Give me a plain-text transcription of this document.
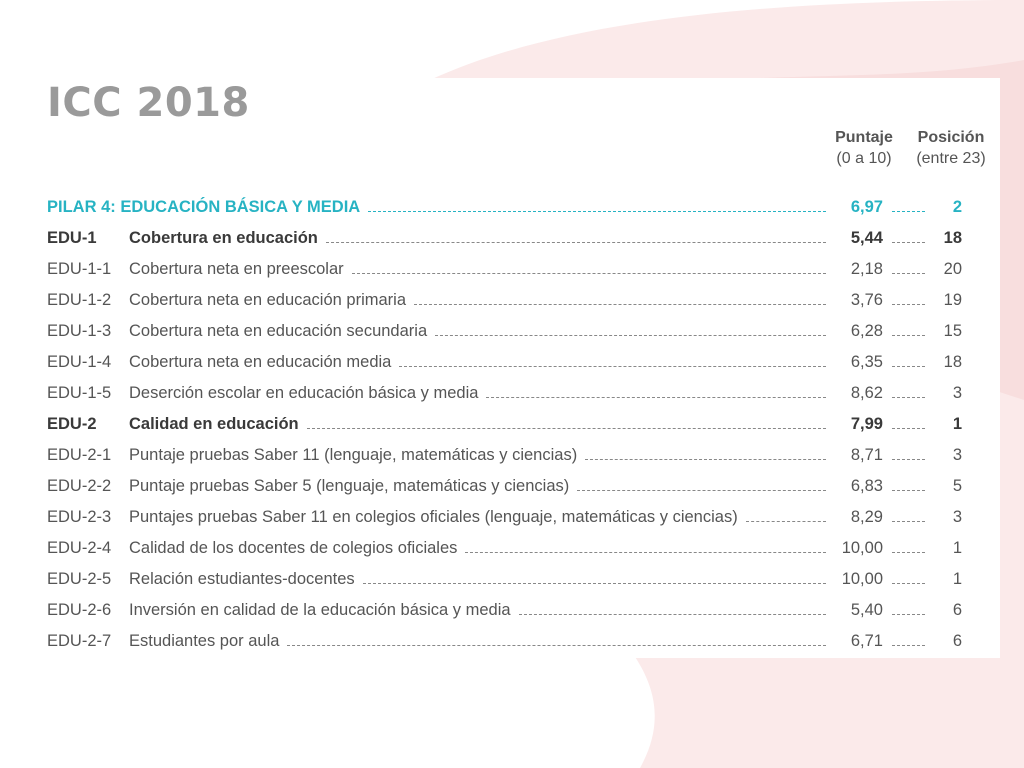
ICC 2018
Puntaje
(0 a 10)
Posición
(entre 23)
PILAR 4: EDUCACIÓN BÁSICA Y MEDIA	6,97	2
EDU-1 Cobertura en educación	5,44	18
EDU-1-1 Cobertura neta en preescolar	2,18	20
EDU-1-2 Cobertura neta en educación primaria	3,76	19
EDU-1-3 Cobertura neta en educación secundaria	6,28	15
EDU-1-4 Cobertura neta en educación media	6,35	18
EDU-1-5 Deserción escolar en educación básica y media	8,62	3
EDU-2 Calidad en educación	7,99	1
EDU-2-1 Puntaje pruebas Saber 11 (lenguaje, matemáticas y ciencias)	8,71	3
EDU-2-2 Puntaje pruebas Saber 5 (lenguaje, matemáticas y ciencias)	6,83	5
EDU-2-3 Puntajes pruebas Saber 11 en colegios oficiales (lenguaje, matemáticas y ciencias)	8,29	3
EDU-2-4 Calidad de los docentes de colegios oficiales	10,00	1
EDU-2-5 Relación estudiantes-docentes	10,00	1
EDU-2-6 Inversión en calidad de la educación básica y media	5,40	6
EDU-2-7 Estudiantes por aula	6,71	6
